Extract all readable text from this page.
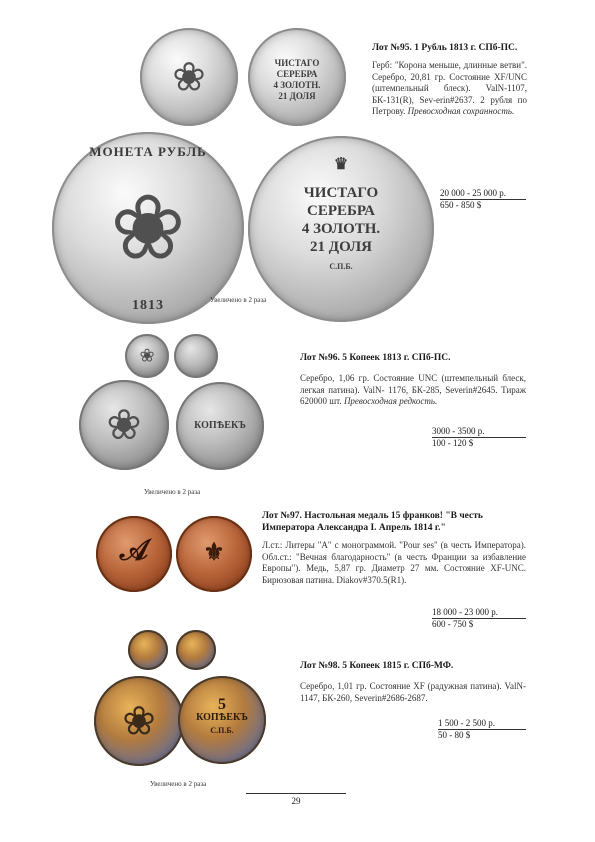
❀	ЧИСТАГО
СЕРЕБРА
4 ЗОЛОТН.
21 ДОЛЯ
МОНЕТА РУБЛЬ
❀
1813
♛
ЧИСТАГО
СЕРЕБРА
4 ЗОЛОТН.
21 ДОЛЯ
С.П.Б.
Увеличено в 2 раза
Лот №95. 1 Рубль 1813 г. СПб-ПС.
Герб: "Корона меньше, длинные ветви". Серебро, 20,81 гр. Состояние XF/UNC (штемпельный блеск). ValN-1107, БК-131(R), Sev-erin#2637. 2 рубля по Петрову. Превосходная сохранность.
20 000 - 25 000 р.
650 - 850 $
❀
❀	КОПѢЕКЪ
Увеличено в 2 раза
Лот №96. 5 Копеек 1813 г. СПб-ПС.
Серебро, 1,06 гр. Состояние UNC (штемпельный блеск, легкая патина). ValN- 1176, БК-285, Severin#2645. Тираж 620000 шт. Превосходная редкость.
3000 - 3500 р.
100 - 120 $
𝒜	⚜
Лот №97. Настольная медаль 15 франков! "В честь Императора Александра I. Апрель 1814 г."
Л.ст.: Литеры "А" с монограммой. "Pour ses" (в честь Императора). Обл.ст.: "Вечная благодарность" (в честь Франции за избавление Европы"). Медь, 5,87 гр. Диаметр 27 мм. Состояние XF-UNC. Бирюзовая патина. Diakov#370.5(R1).
18 000 - 23 000 р.
600 - 750 $
❀	5
КОПѢЕКЪ
С.П.Б.
Увеличено в 2 раза
Лот №98. 5 Копеек 1815 г. СПб-МФ.
Серебро, 1,01 гр. Состояние XF (радужная патина). ValN-1147, БК-260, Severin#2686-2687.
1 500 - 2 500 р.
50 - 80 $
29
